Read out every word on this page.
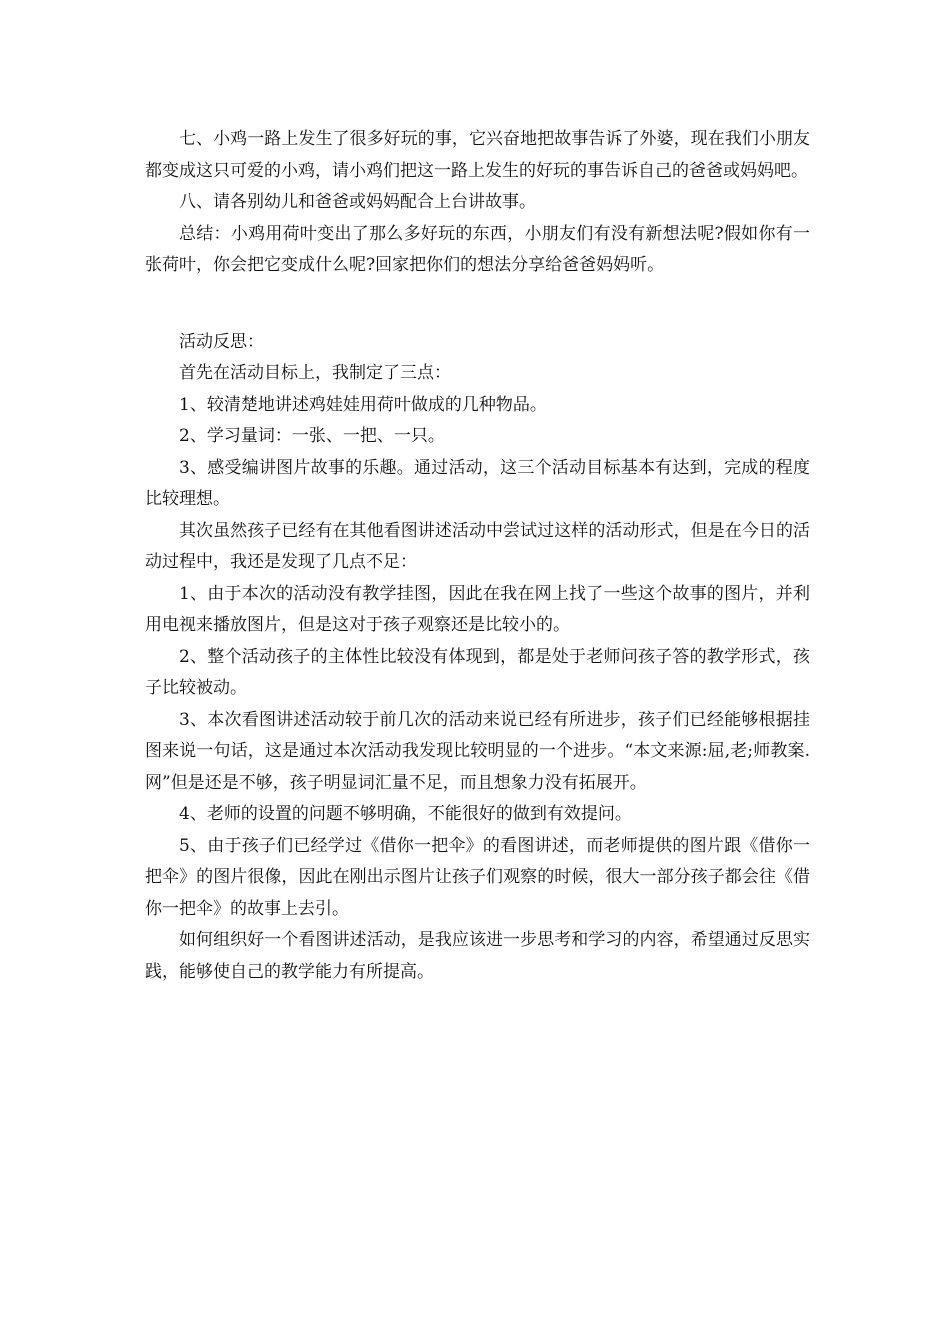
七、小鸡一路上发生了很多好玩的事，它兴奋地把故事告诉了外婆，现在我们小朋友都变成这只可爱的小鸡，请小鸡们把这一路上发生的好玩的事告诉自己的爸爸或妈妈吧。

八、请各别幼儿和爸爸或妈妈配合上台讲故事。

总结：小鸡用荷叶变出了那么多好玩的东西，小朋友们有没有新想法呢?假如你有一张荷叶，你会把它变成什么呢?回家把你们的想法分享给爸爸妈妈听。

活动反思：

首先在活动目标上，我制定了三点：

1、较清楚地讲述鸡娃娃用荷叶做成的几种物品。

2、学习量词：一张、一把、一只。

3、感受编讲图片故事的乐趣。通过活动，这三个活动目标基本有达到，完成的程度比较理想。

其次虽然孩子已经有在其他看图讲述活动中尝试过这样的活动形式，但是在今日的活动过程中，我还是发现了几点不足：

1、由于本次的活动没有教学挂图，因此在我在网上找了一些这个故事的图片，并利用电视来播放图片，但是这对于孩子观察还是比较小的。

2、整个活动孩子的主体性比较没有体现到，都是处于老师问孩子答的教学形式，孩子比较被动。

3、本次看图讲述活动较于前几次的活动来说已经有所进步，孩子们已经能够根据挂图来说一句话，这是通过本次活动我发现比较明显的一个进步。“本文来源:屈,老;师教案.网”但是还是不够，孩子明显词汇量不足，而且想象力没有拓展开。

4、老师的设置的问题不够明确，不能很好的做到有效提问。

5、由于孩子们已经学过《借你一把伞》的看图讲述，而老师提供的图片跟《借你一把伞》的图片很像，因此在刚出示图片让孩子们观察的时候，很大一部分孩子都会往《借你一把伞》的故事上去引。

如何组织好一个看图讲述活动，是我应该进一步思考和学习的内容，希望通过反思实践，能够使自己的教学能力有所提高。
